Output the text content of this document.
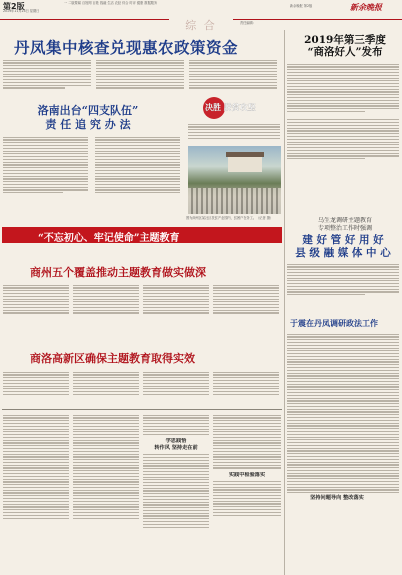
第2版	一 二版要闻 百姓网 百姓 钱融 生活 农经 综合 时评 健康 数据服务
2019年11月24日 星期日
新余晚报 第2版	新余晚报
综 合	责任编辑：
丹凤集中核查兑现惠农政策资金	2019年第三季度
“商洛好人”发布
洛南出台“四支队伍”
责 任 追 究 办 法
决胜 脱贫攻坚
图为商州区某社区扶贫产业园内，贫困户在务工。（记者 摄）	乌生龙调研主题教育
专项整治工作时强调
建 好 管 好 用 好
县 级 融 媒 体 中 心
“不忘初心、牢记使命”主题教育
商州五个覆盖推动主题教育做实做深
于震在丹凤调研政法工作
商洛高新区确保主题教育取得实效
学思践悟
转作风 坚持走在前
实践中检验落实
坚持问题导向 整改落实
